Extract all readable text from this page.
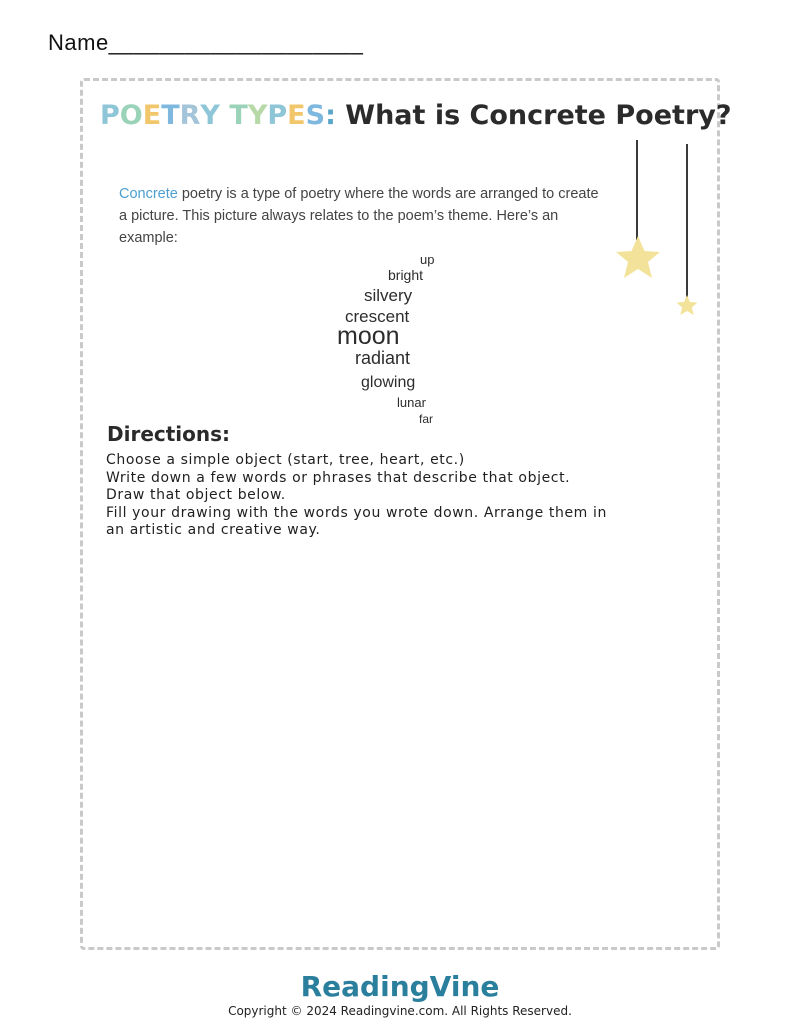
Name____________________
POETRY TYPES: What is Concrete Poetry?
Concrete poetry is a type of poetry where the words are arranged to create a picture. This picture always relates to the poem’s theme. Here’s an example:
up
bright
silvery
crescent
moon
radiant
glowing
lunar
far
Directions:
Choose a simple object (start, tree, heart, etc.)
Write down a few words or phrases that describe that object.
Draw that object below.
Fill your drawing with the words you wrote down. Arrange them in
an artistic and creative way.
ReadingVine
Copyright © 2024 Readingvine.com. All Rights Reserved.
